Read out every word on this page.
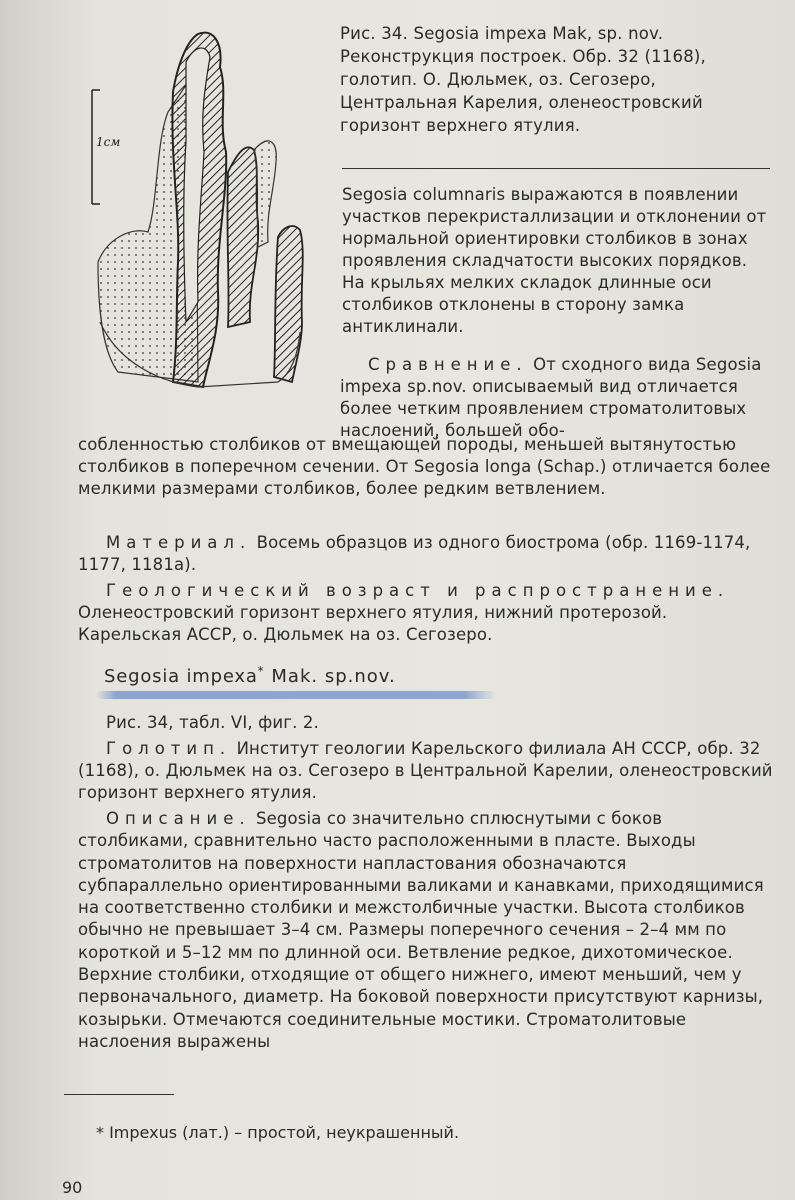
1см
Рис. 34. Segosia impexa Mak, sp. nov. Реконструкция построек. Обр. 32 (1168), голотип. О. Дюльмек, оз. Сегозеро, Центральная Карелия, оленеостровский горизонт верхнего ятулия.

Segosia columnaris выражаются в появлении участков перекристаллизации и отклонении от нормальной ориентировки столбиков в зонах проявления складчатости высоких порядков. На крыльях мелких складок длинные оси столбиков отклонены в сторону замка антиклинали.

Сравнение. От сходного вида Segosia impexa sp.nov. описываемый вид отличается более четким проявлением строматолитовых наслоений, большей обо-

собленностью столбиков от вмещающей породы, меньшей вытянутостью столбиков в поперечном сечении. От Segosia longa (Schap.) отличается более мелкими размерами столбиков, более редким ветвлением.

Материал. Восемь образцов из одного биострома (обр. 1169-1174, 1177, 1181а).

Геологический возраст и распространение. Оленеостровский горизонт верхнего ятулия, нижний протерозой. Карельская АССР, о. Дюльмек на оз. Сегозеро.

Segosia impexa* Mak. sp.nov.

Рис. 34, табл. VI, фиг. 2.

Голотип. Институт геологии Карельского филиала АН СССР, обр. 32 (1168), о. Дюльмек на оз. Сегозеро в Центральной Карелии, оленеостровский горизонт верхнего ятулия.

Описание. Segosia со значительно сплюснутыми с боков столбиками, сравнительно часто расположенными в пласте. Выходы строматолитов на поверхности напластования обозначаются субпараллельно ориентированными валиками и канавками, приходящимися на соответственно столбики и межстолбичные участки. Высота столбиков обычно не превышает 3–4 см. Размеры поперечного сечения – 2–4 мм по короткой и 5–12 мм по длинной оси. Ветвление редкое, дихотомическое. Верхние столбики, отходящие от общего нижнего, имеют меньший, чем у первоначального, диаметр. На боковой поверхности присутствуют карнизы, козырьки. Отмечаются соединительные мостики. Строматолитовые наслоения выражены

* Impexus (лат.) – простой, неукрашенный.
90
